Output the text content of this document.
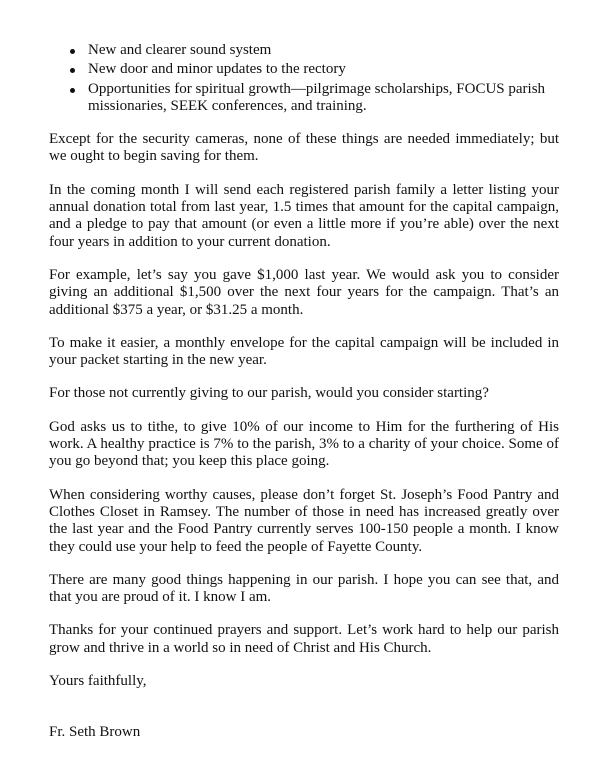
New and clearer sound system
New door and minor updates to the rectory
Opportunities for spiritual growth—pilgrimage scholarships, FOCUS parish missionaries, SEEK conferences, and training.

Except for the security cameras, none of these things are needed immediately; but we ought to begin saving for them.

In the coming month I will send each registered parish family a letter listing your annual donation total from last year, 1.5 times that amount for the capital campaign, and a pledge to pay that amount (or even a little more if you’re able) over the next four years in addition to your current donation.

For example, let’s say you gave $1,000 last year. We would ask you to consider giving an additional $1,500 over the next four years for the campaign. That’s an additional $375 a year, or $31.25 a month.

To make it easier, a monthly envelope for the capital campaign will be included in your packet starting in the new year.

For those not currently giving to our parish, would you consider starting?

God asks us to tithe, to give 10% of our income to Him for the furthering of His work. A healthy practice is 7% to the parish, 3% to a charity of your choice. Some of you go beyond that; you keep this place going.

When considering worthy causes, please don’t forget St. Joseph’s Food Pantry and Clothes Closet in Ramsey. The number of those in need has increased greatly over the last year and the Food Pantry currently serves 100-150 people a month. I know they could use your help to feed the people of Fayette County.

There are many good things happening in our parish. I hope you can see that, and that you are proud of it. I know I am.

Thanks for your continued prayers and support. Let’s work hard to help our parish grow and thrive in a world so in need of Christ and His Church.

Yours faithfully,

Fr. Seth Brown
